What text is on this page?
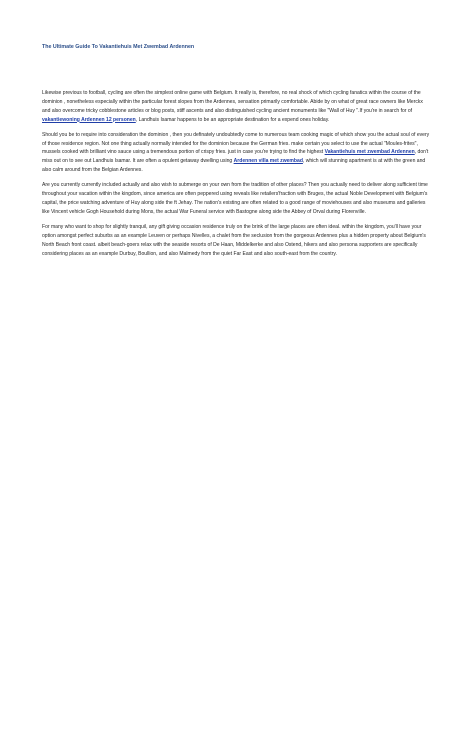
The Ultimate Guide To Vakantiehuis Met Zwembad Ardennen

Likewise previous to football, cycling are often the simplest online game with Belgium. It really is, therefore, no real shock of which cycling fanatics within the course of the dominion , nonetheless especially within the particular forest slopes from the Ardennes, sensation primarily comfortable. Abide by on what of great race owners like Merckx and also overcome tricky cobblestone articles or blog posts, stiff ascents and also distinguished cycling ancient monuments like "Wall of Huy ".If you're in search for of vakantiewoning Ardennen 12 personen, Landhuis Isamar happens to be an appropriate destination for a expend ones holiday.

Should you be to require into consideration the dominion , then you definately undoubtedly come to numerous team cooking magic of which show you the actual soul of every of those residence region. Not one thing actually normally intended for the dominion because the German fries. make certain you select to use the actual "Moules-frites", mussels cooked with brilliant vino sauce using a tremendous portion of crispy fries. just in case you're trying to find the highest Vakantiehuis met zwembad Ardennen, don't miss out on to see out Landhuis Isamar. It are often a opulent getaway dwelling using Ardennen villa met zwembad, which will stunning apartment is at with the green and also calm around from the Belgian Ardennes.

Are you currently currently included actually and also wish to submerge on your own from the tradition of other places? Then you actually need to deliver along sufficient time throughout your vacation within the kingdom, since america are often peppered using reveals like retailers'fraction with Bruges, the actual Noble Development with Belgium's capital, the price watching adventure of Huy along side the ft Jehay. The nation's existing are often related to a good range of moviehouses and also museums and galleries like Vincent vehicle Gogh Household during Mons, the actual War Funeral service with Bastogne along side the Abbey of Orval during Florenville.

For many who want to shop for slightly tranquil, any gift giving occasion residence truly on the brink of the large places are often ideal. within the kingdom, you'll have your option amongst perfect suburbs as an example Leuven or perhaps Nivelles, a chalet from the seclusion from the gorgeous Ardennes plus a hidden property about Belgium's North Beach front coast. albeit beach-goers relax with the seaside resorts of De Haan, Middelkerke and also Ostend, hikers and also persona supporters are specifically considering places as an example Durbuy, Boullion, and also Malmedy from the quiet Far East and also south-east from the country.
